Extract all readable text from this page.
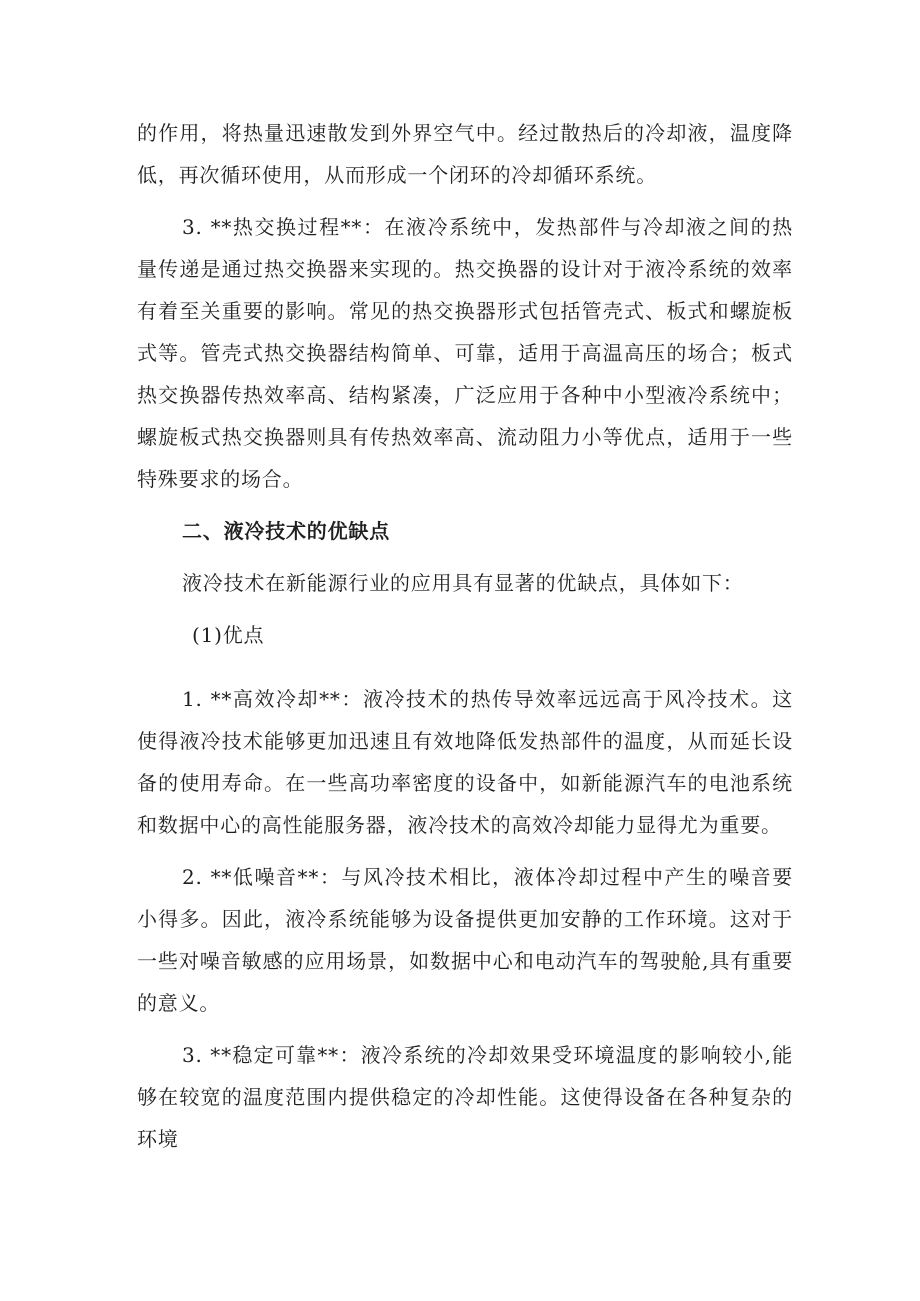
的作用，将热量迅速散发到外界空气中。经过散热后的冷却液，温度降低，再次循环使用，从而形成一个闭环的冷却循环系统。

3. **热交换过程**：在液冷系统中，发热部件与冷却液之间的热量传递是通过热交换器来实现的。热交换器的设计对于液冷系统的效率有着至关重要的影响。常见的热交换器形式包括管壳式、板式和螺旋板式等。管壳式热交换器结构简单、可靠，适用于高温高压的场合；板式热交换器传热效率高、结构紧凑，广泛应用于各种中小型液冷系统中；螺旋板式热交换器则具有传热效率高、流动阻力小等优点，适用于一些特殊要求的场合。

二、液冷技术的优缺点

液冷技术在新能源行业的应用具有显著的优缺点，具体如下：

(1)优点

1. **高效冷却**：液冷技术的热传导效率远远高于风冷技术。这使得液冷技术能够更加迅速且有效地降低发热部件的温度，从而延长设备的使用寿命。在一些高功率密度的设备中，如新能源汽车的电池系统和数据中心的高性能服务器，液冷技术的高效冷却能力显得尤为重要。

2. **低噪音**：与风冷技术相比，液体冷却过程中产生的噪音要小得多。因此，液冷系统能够为设备提供更加安静的工作环境。这对于一些对噪音敏感的应用场景，如数据中心和电动汽车的驾驶舱,具有重要的意义。

3. **稳定可靠**：液冷系统的冷却效果受环境温度的影响较小,能够在较宽的温度范围内提供稳定的冷却性能。这使得设备在各种复杂的环境
